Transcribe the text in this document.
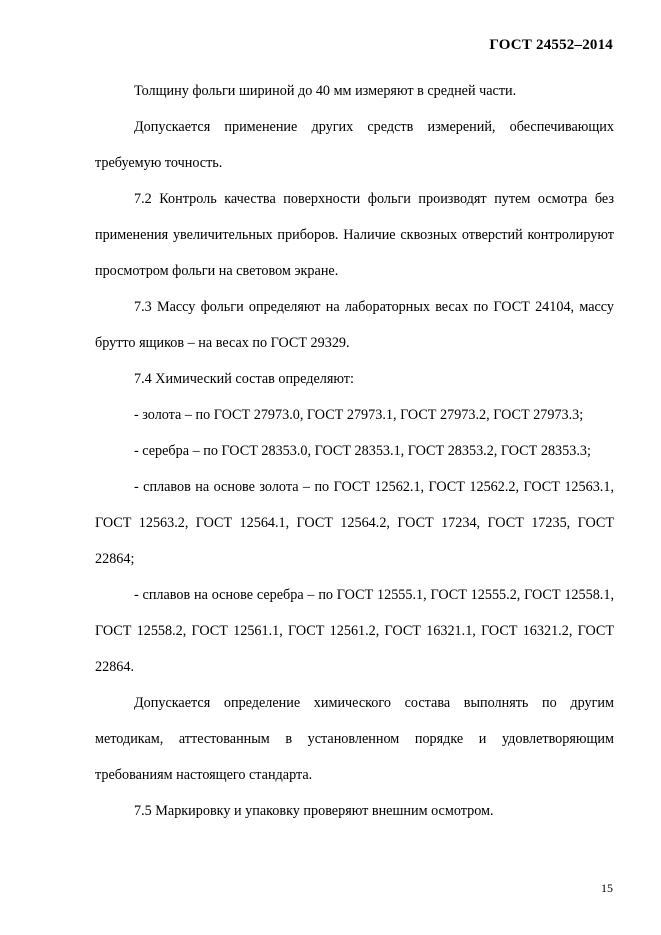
ГОСТ 24552–2014

Толщину фольги шириной до 40 мм измеряют в средней части.

Допускается применение других средств измерений, обеспечивающих требуемую точность.

7.2 Контроль качества поверхности фольги производят путем осмотра без применения увеличительных приборов. Наличие сквозных отверстий контролируют просмотром фольги на световом экране.

7.3 Массу фольги определяют на лабораторных весах по ГОСТ 24104, массу брутто ящиков – на весах по ГОСТ 29329.

7.4 Химический состав определяют:

- золота – по ГОСТ 27973.0, ГОСТ 27973.1, ГОСТ 27973.2, ГОСТ 27973.3;

- серебра – по ГОСТ 28353.0, ГОСТ 28353.1, ГОСТ 28353.2, ГОСТ 28353.3;

- сплавов на основе золота – по ГОСТ 12562.1, ГОСТ 12562.2, ГОСТ 12563.1, ГОСТ 12563.2, ГОСТ 12564.1, ГОСТ 12564.2, ГОСТ 17234, ГОСТ 17235, ГОСТ 22864;

- сплавов на основе серебра – по ГОСТ 12555.1, ГОСТ 12555.2, ГОСТ 12558.1, ГОСТ 12558.2, ГОСТ 12561.1, ГОСТ 12561.2, ГОСТ 16321.1, ГОСТ 16321.2, ГОСТ 22864.

Допускается определение химического состава выполнять по другим методикам, аттестованным в установленном порядке и удовлетворяющим требованиям настоящего стандарта.

7.5 Маркировку и упаковку проверяют внешним осмотром.

15
